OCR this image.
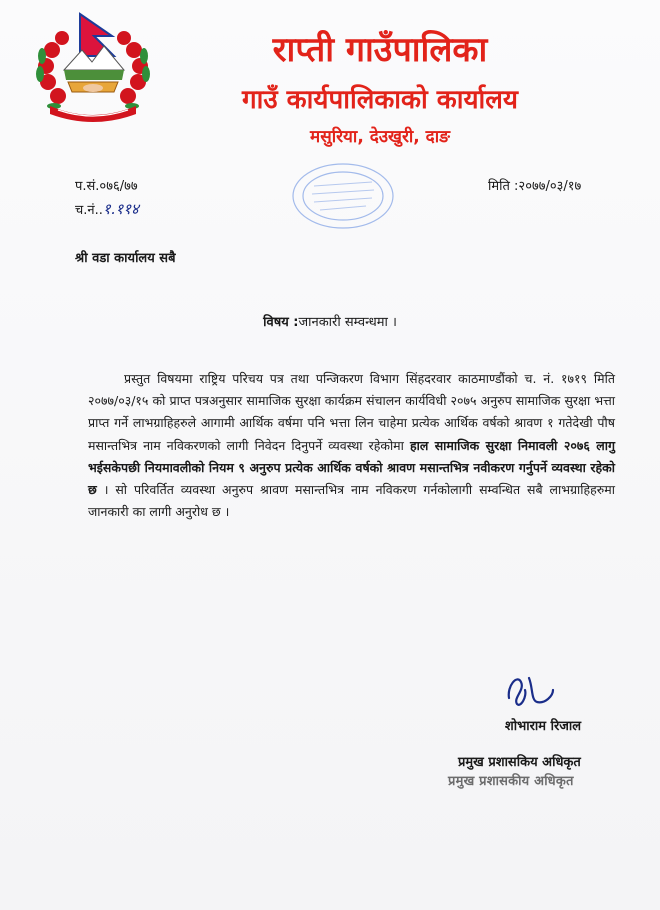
राप्ती गाउँपालिका
गाउँ कार्यपालिकाको कार्यालय
मसुरिया, देउखुरी, दाङ
प.सं.०७६/७७
च.नं..१.११४
मिति :२०७७/०३/१७
श्री वडा कार्यालय सबै
विषय :जानकारी सम्वन्धमा ।
प्रस्तुत विषयमा राष्ट्रिय परिचय पत्र तथा पन्जिकरण विभाग सिंहदरवार काठमाण्डौंको च. नं. १७१९ मिति २०७७/०३/१५ को प्राप्त पत्रअनुसार सामाजिक सुरक्षा कार्यक्रम संचालन कार्यविधी २०७५ अनुरुप सामाजिक सुरक्षा भत्ता प्राप्त गर्ने लाभग्राहिहरुले आगामी आर्थिक वर्षमा पनि भत्ता लिन चाहेमा प्रत्येक आर्थिक वर्षको श्रावण १ गतेदेखी पौष मसान्तभित्र नाम नविकरणको लागी निवेदन दिनुपर्ने व्यवस्था रहेकोमा हाल सामाजिक सुरक्षा निमावली २०७६ लागु भईसकेपछी नियमावलीको नियम ९ अनुरुप प्रत्येक आर्थिक वर्षको श्रावण मसान्तभित्र नवीकरण गर्नुपर्ने व्यवस्था रहेको छ । सो परिवर्तित व्यवस्था अनुरुप श्रावण मसान्तभित्र नाम नविकरण गर्नकोलागी सम्वन्धित सबै लाभग्राहिहरुमा जानकारी का लागी अनुरोध छ ।
शोभाराम रिजाल
प्रमुख प्रशासकिय अधिकृत
प्रमुख प्रशासकीय अधिकृत
